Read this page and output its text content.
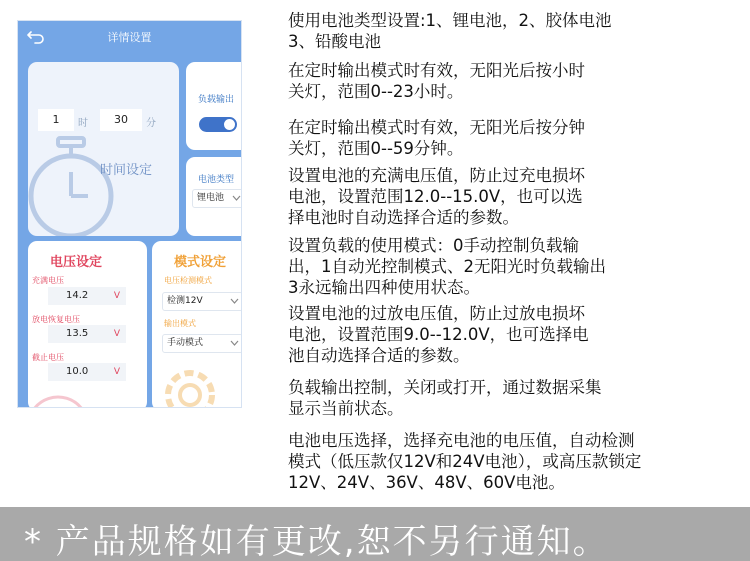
详情设置
1	时	30	分
时间设定
负载输出
电池类型
锂电池
电压设定
充满电压
14.2	V
放电恢复电压
13.5	V
截止电压
10.0	V
模式设定
电压检测模式
检测12V
输出模式
手动模式
使用电池类型设置:1、锂电池，2、胶体电池
3、铅酸电池
在定时输出模式时有效，无阳光后按小时
关灯，范围0--23小时。
在定时输出模式时有效，无阳光后按分钟
关灯，范围0--59分钟。
设置电池的充满电压值，防止过充电损坏
电池，设置范围12.0--15.0V，也可以选
择电池时自动选择合适的参数。
设置负载的使用模式：0手动控制负载输
出，1自动光控制模式、2无阳光时负载输出
3永远输出四种使用状态。
设置电池的过放电压值，防止过放电损坏
电池，设置范围9.0--12.0V，也可选择电
池自动选择合适的参数。
负载输出控制，关闭或打开，通过数据采集
显示当前状态。
电池电压选择，选择充电池的电压值，自动检测
模式（低压款仅12V和24V电池），或高压款锁定
12V、24V、36V、48V、60V电池。
* 产品规格如有更改,恕不另行通知。
